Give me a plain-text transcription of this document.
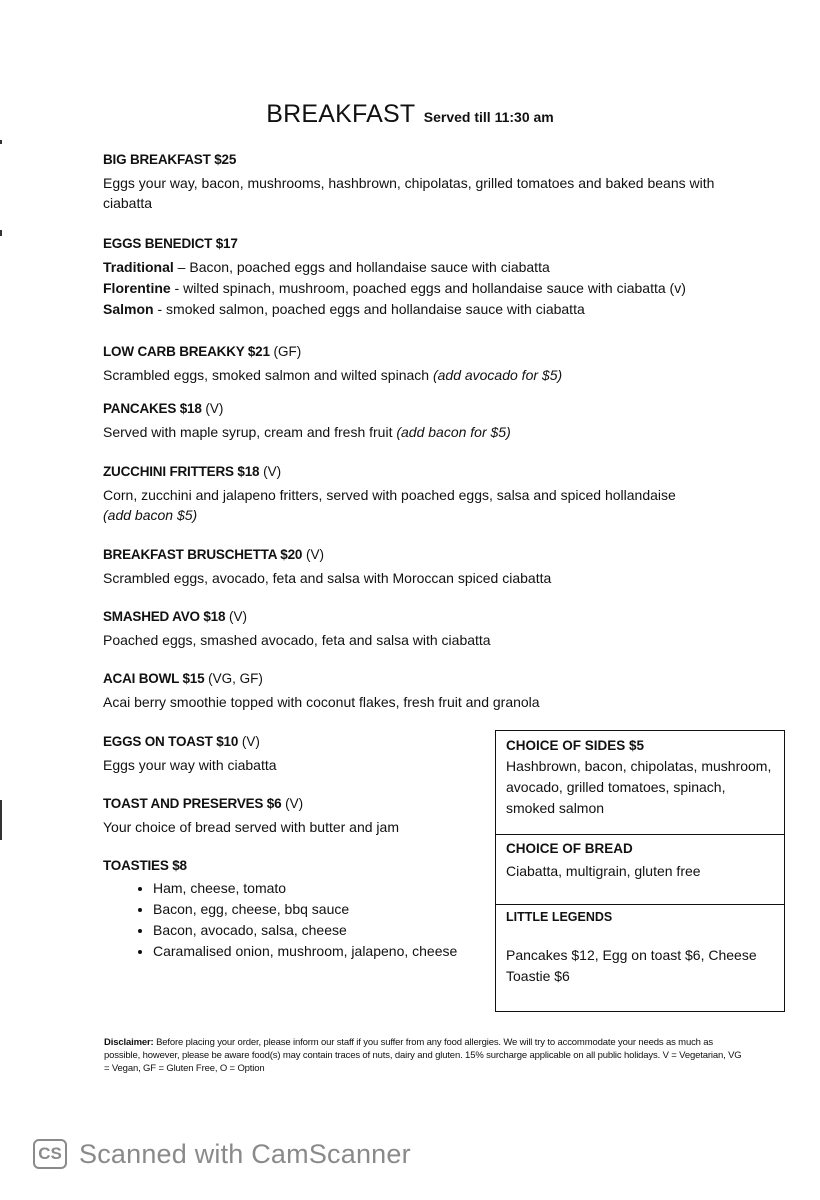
BREAKFAST Served till 11:30 am
BIG BREAKFAST $25
Eggs your way, bacon, mushrooms, hashbrown, chipolatas, grilled tomatoes and baked beans with ciabatta
EGGS BENEDICT $17
Traditional – Bacon, poached eggs and hollandaise sauce with ciabatta
Florentine - wilted spinach, mushroom, poached eggs and hollandaise sauce with ciabatta (v)
Salmon - smoked salmon, poached eggs and hollandaise sauce with ciabatta
LOW CARB BREAKKY $21 (GF)
Scrambled eggs, smoked salmon and wilted spinach (add avocado for $5)
PANCAKES $18 (V)
Served with maple syrup, cream and fresh fruit (add bacon for $5)
ZUCCHINI FRITTERS $18 (V)
Corn, zucchini and jalapeno fritters, served with poached eggs, salsa and spiced hollandaise
(add bacon $5)
BREAKFAST BRUSCHETTA $20 (V)
Scrambled eggs, avocado, feta and salsa with Moroccan spiced ciabatta
SMASHED AVO $18 (V)
Poached eggs, smashed avocado, feta and salsa with ciabatta
ACAI BOWL $15 (VG, GF)
Acai berry smoothie topped with coconut flakes, fresh fruit and granola
EGGS ON TOAST $10 (V)
Eggs your way with ciabatta
TOAST AND PRESERVES $6 (V)
Your choice of bread served with butter and jam
TOASTIES $8
• Ham, cheese, tomato
• Bacon, egg, cheese, bbq sauce
• Bacon, avocado, salsa, cheese
• Caramalised onion, mushroom, jalapeno, cheese
CHOICE OF SIDES $5
Hashbrown, bacon, chipolatas, mushroom, avocado, grilled tomatoes, spinach, smoked salmon
CHOICE OF BREAD
Ciabatta, multigrain, gluten free
LITTLE LEGENDS
Pancakes $12, Egg on toast $6, Cheese Toastie $6
Disclaimer: Before placing your order, please inform our staff if you suffer from any food allergies. We will try to accommodate your needs as much as possible, however, please be aware food(s) may contain traces of nuts, dairy and gluten. 15% surcharge applicable on all public holidays. V = Vegetarian, VG = Vegan, GF = Gluten Free, O = Option
CS Scanned with CamScanner
